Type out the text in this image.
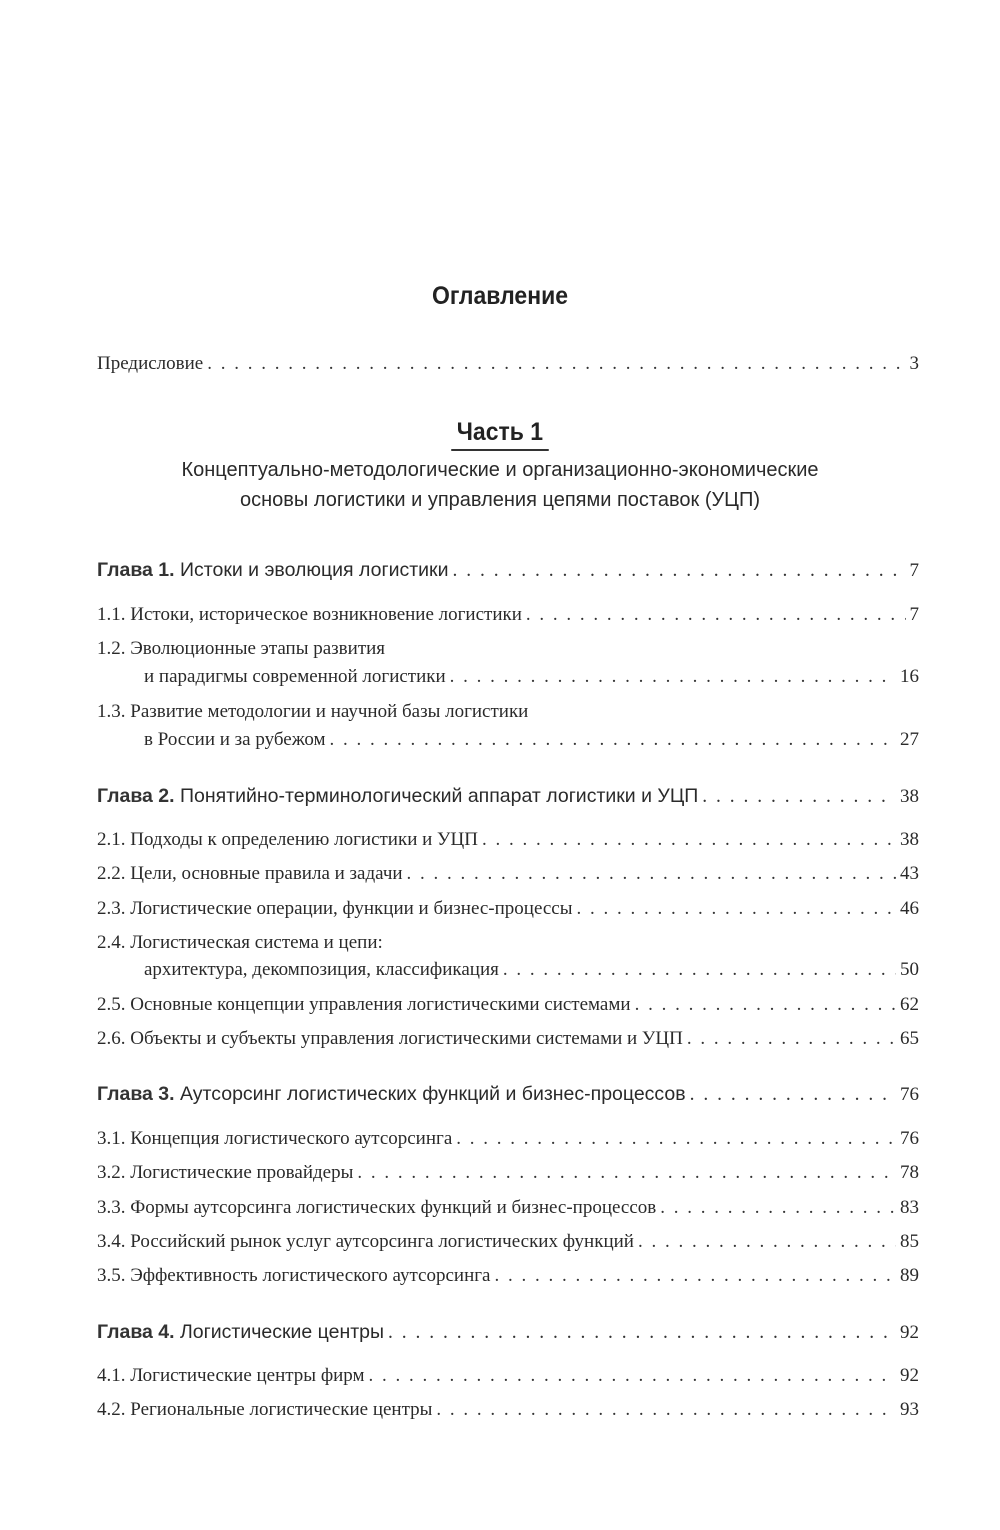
Оглавление
Предисловие . . .	3
Часть 1
Концептуально-методологические и организационно-экономические
основы логистики и управления цепями поставок (УЦП)
Глава 1. Истоки и эволюция логистики . . .	7
1.1. Истоки, историческое возникновение логистики . . .	7
1.2. Эволюционные этапы развития
и парадигмы современной логистики . . .	16
1.3. Развитие методологии и научной базы логистики
в России и за рубежом . . .	27
Глава 2. Понятийно-терминологический аппарат логистики и УЦП . . .	38
2.1. Подходы к определению логистики и УЦП . . .	38
2.2. Цели, основные правила и задачи . . .	43
2.3. Логистические операции, функции и бизнес-процессы . . .	46
2.4. Логистическая система и цепи:
архитектура, декомпозиция, классификация . . .	50
2.5. Основные концепции управления логистическими системами . . .	62
2.6. Объекты и субъекты управления логистическими системами и УЦП . . .	65
Глава 3. Аутсорсинг логистических функций и бизнес-процессов . . .	76
3.1. Концепция логистического аутсорсинга . . .	76
3.2. Логистические провайдеры . . .	78
3.3. Формы аутсорсинга логистических функций и бизнес-процессов . . .	83
3.4. Российский рынок услуг аутсорсинга логистических функций . . .	85
3.5. Эффективность логистического аутсорсинга . . .	89
Глава 4. Логистические центры . . .	92
4.1. Логистические центры фирм . . .	92
4.2. Региональные логистические центры . . .	93
